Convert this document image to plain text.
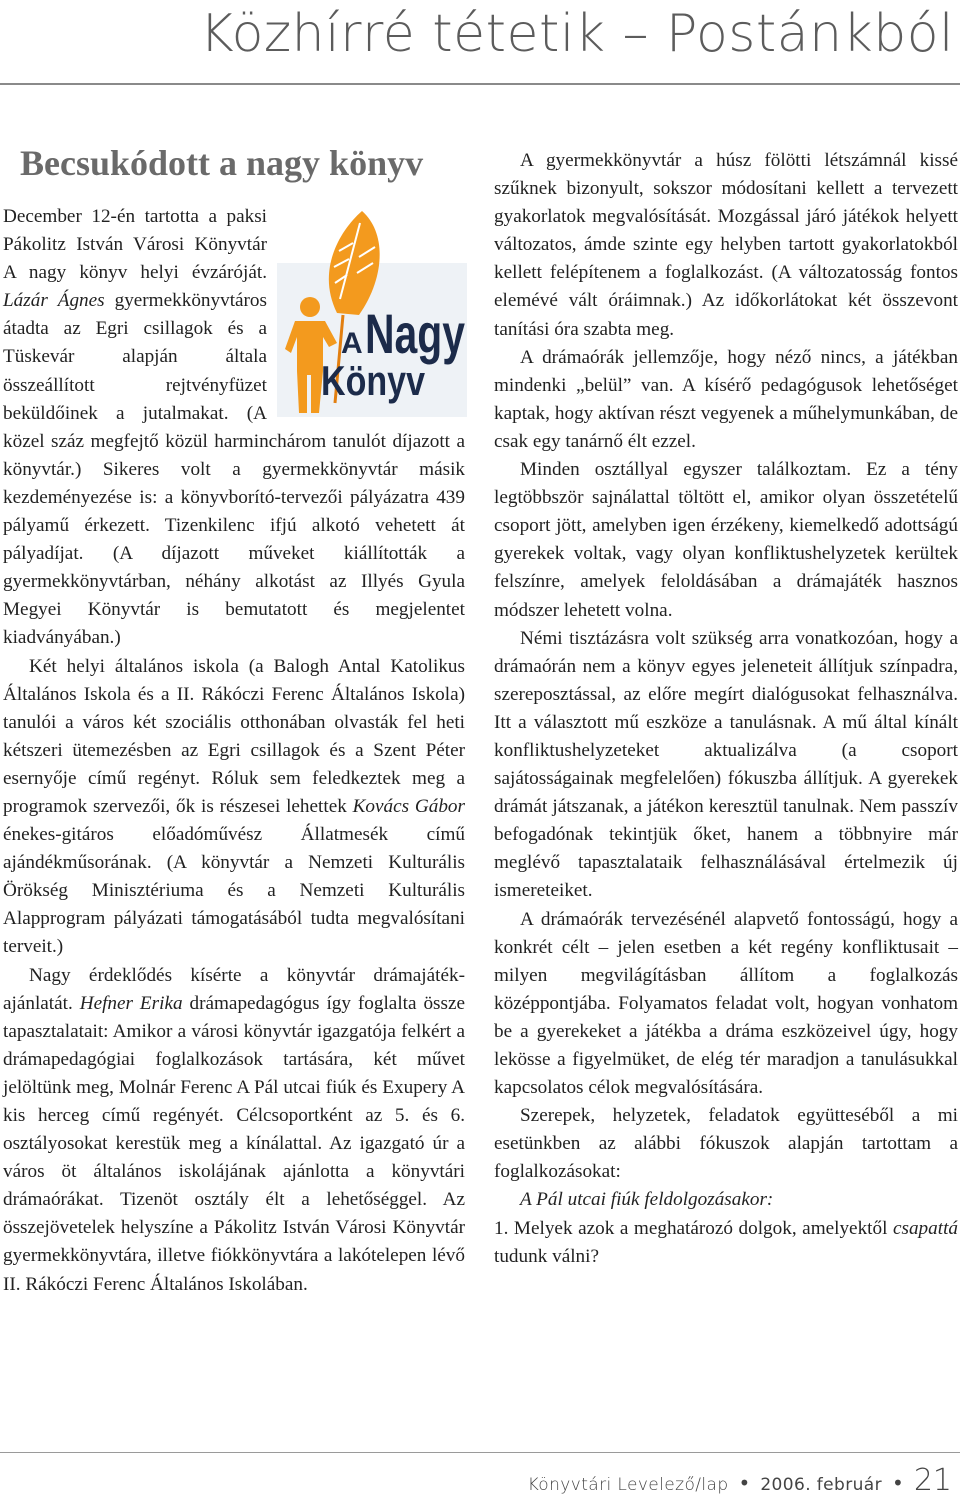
Közhírré tétetik – Postánkból
Becsukódott a nagy könyv
A Nagy
Könyv

December 12-én tartotta a paksi Pákolitz István Városi Könyvtár A nagy könyv helyi évzáróját. Lázár Ágnes gyermekkönyvtáros átadta az Egri csillagok és a Tüskevár alapján általa összeállított rejtvényfüzet beküldőinek a jutalmakat. (A közel száz megfejtő közül harminchárom tanulót díjazott a könyvtár.) Sikeres volt a gyermekkönyvtár másik kezdeményezése is: a könyvborító-tervezői pályázatra 439 pályamű érkezett. Tizenkilenc ifjú alkotó vehetett át pályadíjat. (A díjazott műveket kiállították a gyermekkönyvtárban, néhány alkotást az Illyés Gyula Megyei Könyvtár is bemutatott és megjelentet kiadványában.)

Két helyi általános iskola (a Balogh Antal Katolikus Általános Iskola és a II. Rákóczi Ferenc Általános Iskola) tanulói a város két szociális otthonában olvasták fel heti kétszeri ütemezésben az Egri csillagok és a Szent Péter esernyője című regényt. Róluk sem feledkeztek meg a programok szervezői, ők is részesei lehettek Kovács Gábor énekes-gitáros előadóművész Állatmesék című ajándékműsorának. (A könyvtár a Nemzeti Kulturális Örökség Minisztériuma és a Nemzeti Kulturális Alapprogram pályázati támogatásából tudta megvalósítani terveit.)

Nagy érdeklődés kísérte a könyvtár drámajáték-ajánlatát. Hefner Erika drámapedagógus így foglalta össze tapasztalatait: Amikor a városi könyvtár igazgatója felkért a drámapedagógiai foglalkozások tartására, két művet jelöltünk meg, Molnár Ferenc A Pál utcai fiúk és Exupery A kis herceg című regényét. Célcsoportként az 5. és 6. osztályosokat kerestük meg a kínálattal. Az igazgató úr a város öt általános iskolájának ajánlotta a könyvtári drámaórákat. Tizenöt osztály élt a lehetőséggel. Az összejövetelek helyszíne a Pákolitz István Városi Könyvtár gyermekkönyvtára, illetve fiókkönyvtára a lakótelepen lévő II. Rákóczi Ferenc Általános Iskolában.

A gyermekkönyvtár a húsz fölötti létszámnál kissé szűknek bizonyult, sokszor módosítani kellett a tervezett gyakorlatok megvalósítását. Mozgással járó játékok helyett változatos, ámde szinte egy helyben tartott gyakorlatokból kellett felépítenem a foglalkozást. (A változatosság fontos elemévé vált óráimnak.) Az időkorlátokat két összevont tanítási óra szabta meg.

A drámaórák jellemzője, hogy néző nincs, a játékban mindenki „belül” van. A kísérő pedagógusok lehetőséget kaptak, hogy aktívan részt vegyenek a műhelymunkában, de csak egy tanárnő élt ezzel.

Minden osztállyal egyszer találkoztam. Ez a tény legtöbbször sajnálattal töltött el, amikor olyan összetételű csoport jött, amelyben igen érzékeny, kiemelkedő adottságú gyerekek voltak, vagy olyan konfliktushelyzetek kerültek felszínre, amelyek feloldásában a drámajáték hasznos módszer lehetett volna.

Némi tisztázásra volt szükség arra vonatkozóan, hogy a drámaórán nem a könyv egyes jeleneteit állítjuk színpadra, szereposztással, az előre megírt dialógusokat felhasználva. Itt a választott mű eszköze a tanulásnak. A mű által kínált konfliktushelyzeteket aktualizálva (a csoport sajátosságainak megfelelően) fókuszba állítjuk. A gyerekek drámát játszanak, a játékon keresztül tanulnak. Nem passzív befogadónak tekintjük őket, hanem a többnyire már meglévő tapasztalataik felhasználásával értelmezik új ismereteiket.

A drámaórák tervezésénél alapvető fontosságú, hogy a konkrét célt – jelen esetben a két regény konfliktusait – milyen megvilágításban állítom a foglalkozás középpontjába. Folyamatos feladat volt, hogyan vonhatom be a gyerekeket a játékba a dráma eszközeivel úgy, hogy lekösse a figyelmüket, de elég tér maradjon a tanulásukkal kapcsolatos célok megvalósítására.

Szerepek, helyzetek, feladatok együtteséből a mi esetünkben az alábbi fókuszok alapján tartottam a foglalkozásokat:

A Pál utcai fiúk feldolgozásakor:

1. Melyek azok a meghatározó dolgok, amelyektől csapattá tudunk válni?

Könyvtári Levelező/lap • 2006. február • 21
